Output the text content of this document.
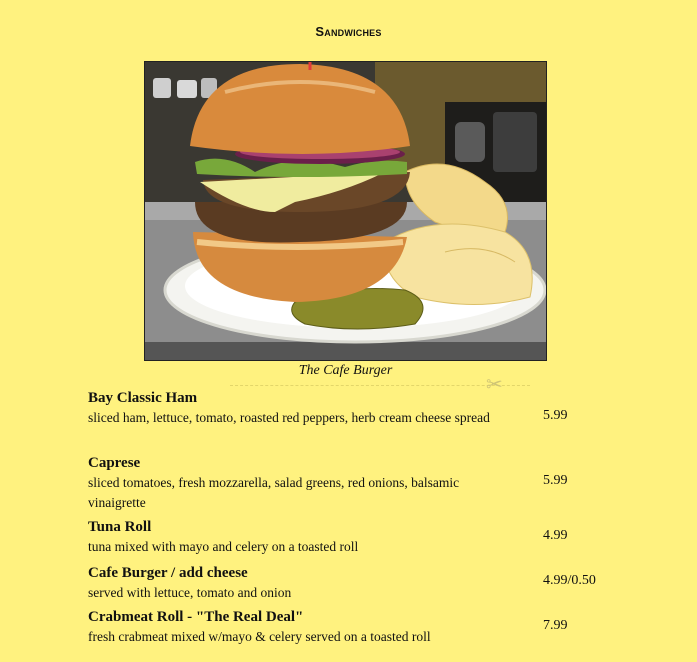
Sandwiches
The Cafe Burger
✂
Bay Classic Ham
sliced ham, lettuce, tomato, roasted red peppers, herb cream cheese spread	5.99
Caprese
sliced tomatoes, fresh mozzarella, salad greens, red onions, balsamic vinaigrette
5.99
Tuna Roll
tuna mixed with mayo and celery on a toasted roll
4.99
Cafe Burger / add cheese
served with lettuce, tomato and onion
4.99/0.50
Crabmeat Roll - "The Real Deal"
fresh crabmeat mixed w/mayo & celery served on a toasted roll
7.99
